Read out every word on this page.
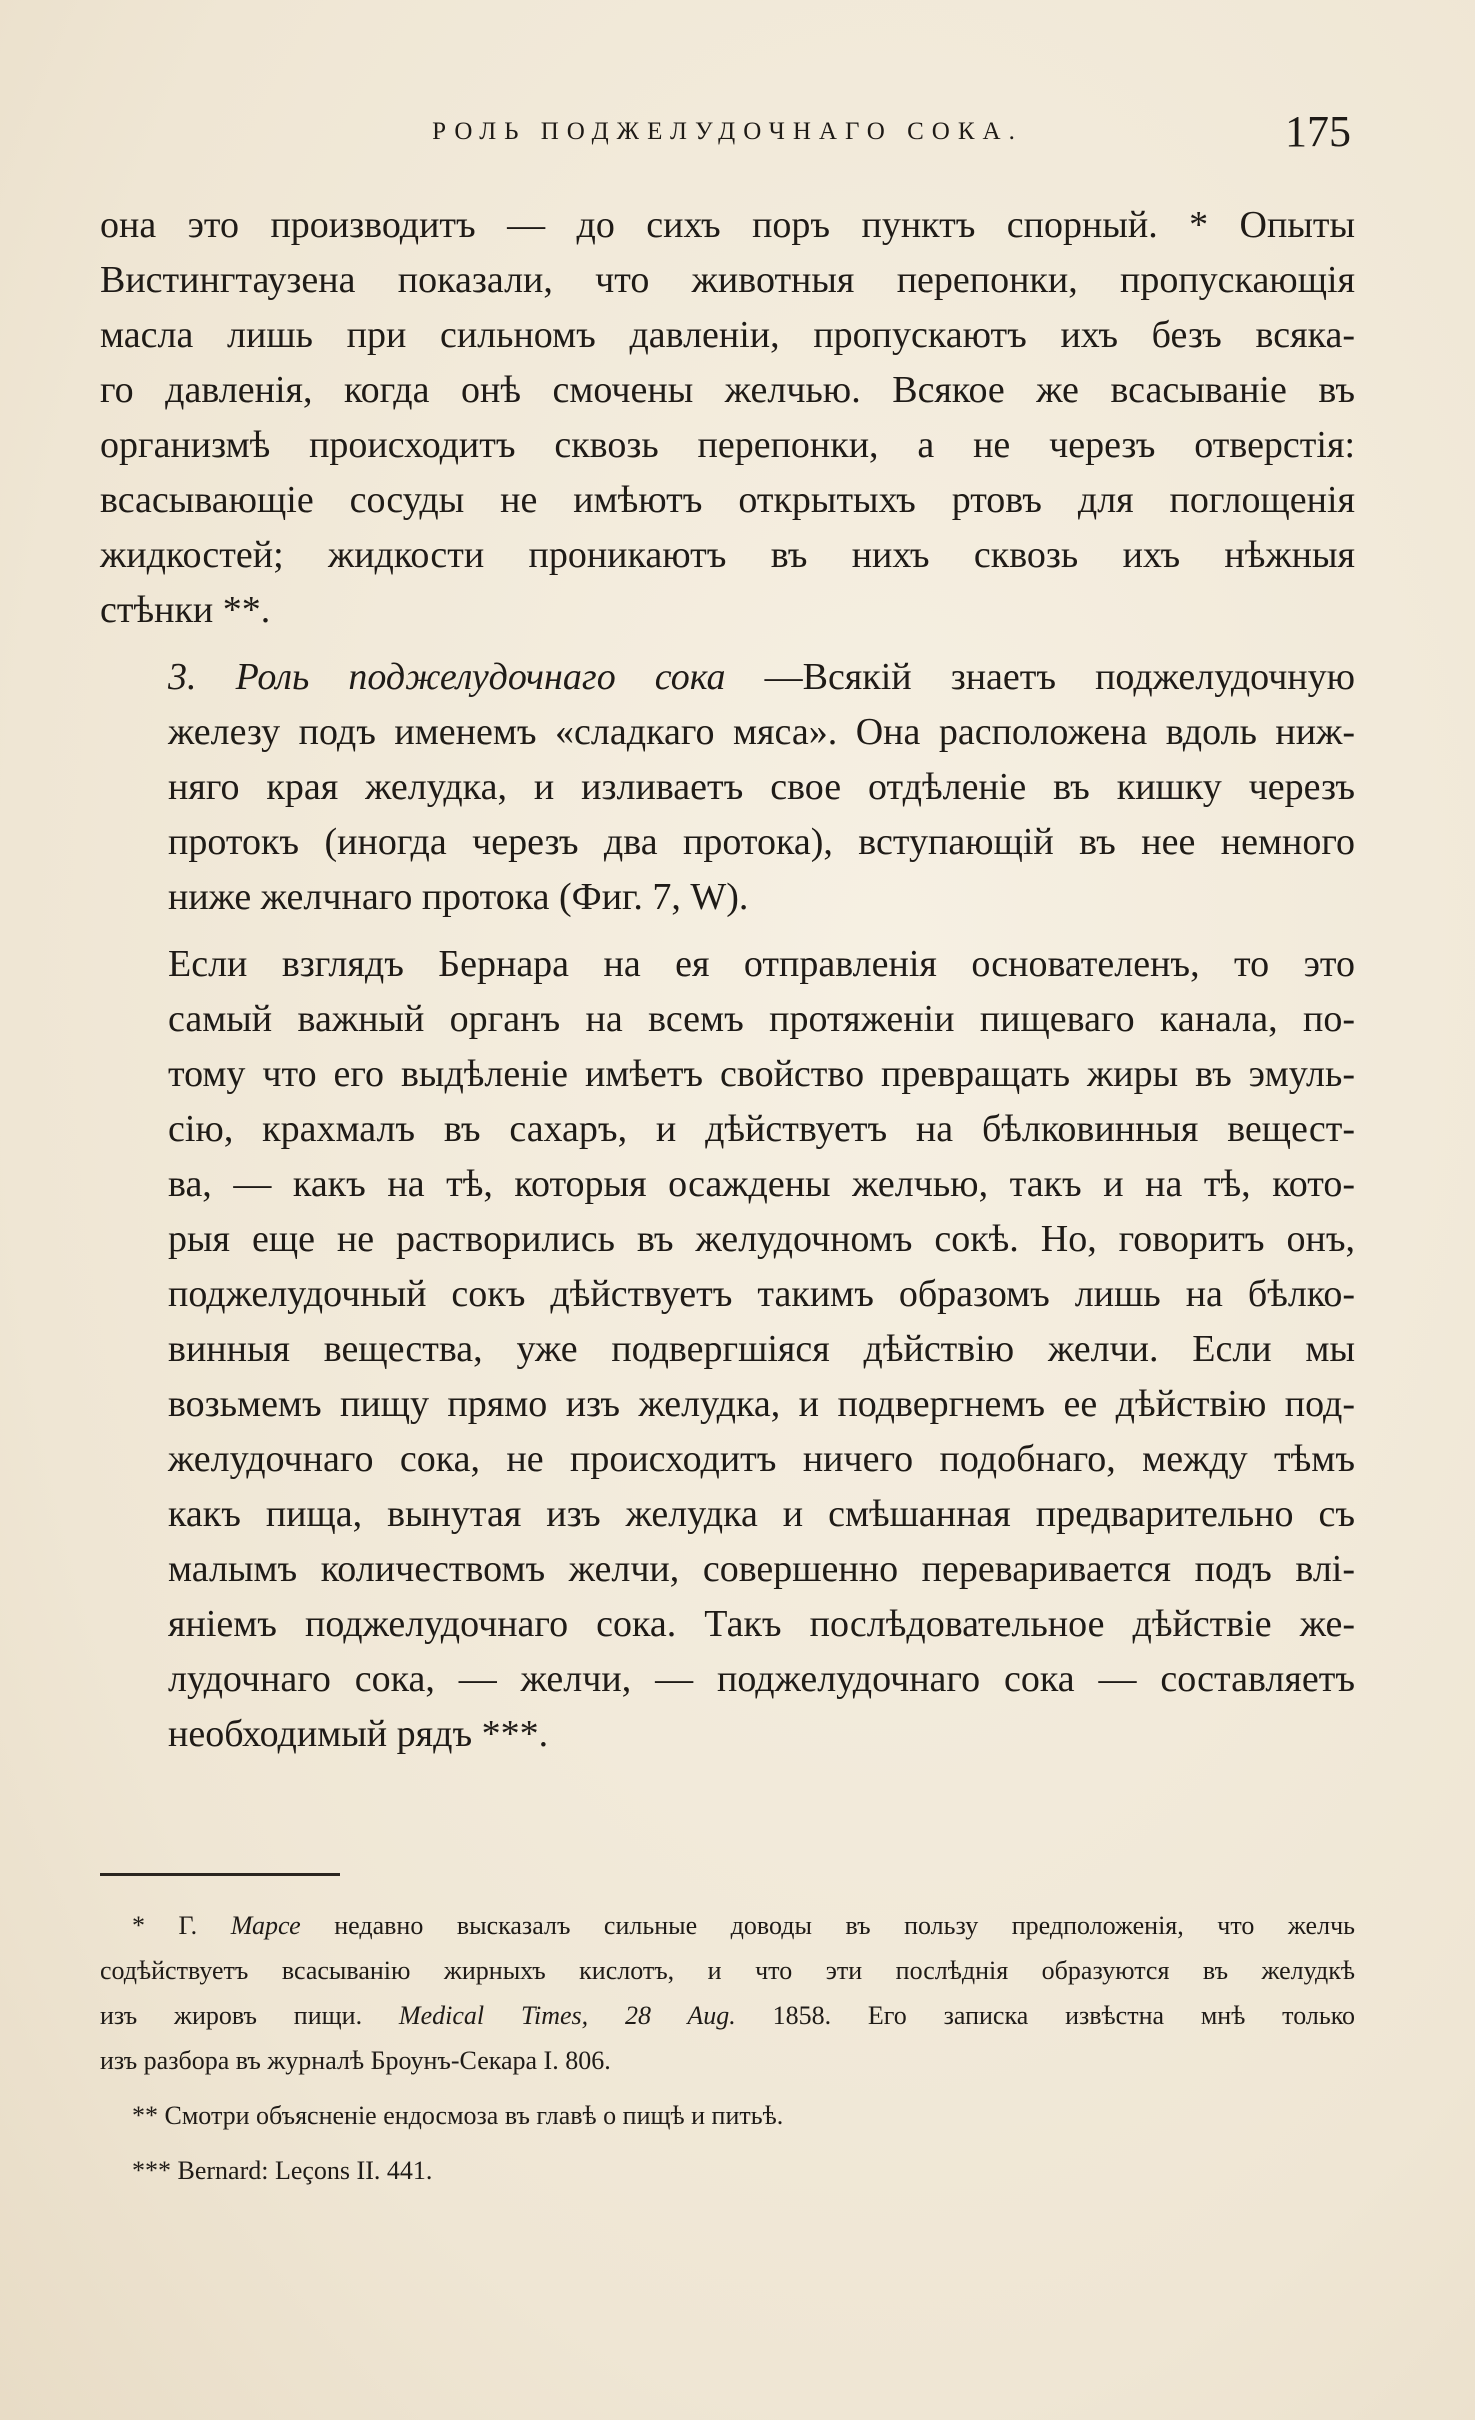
РОЛЬ ПОДЖЕЛУДОЧНАГО СОКА.	175

она это производитъ — до сихъ поръ пунктъ спорный. * Опыты
Вистингтаузена показали, что животныя перепонки, пропускающія
масла лишь при сильномъ давленіи, пропускаютъ ихъ безъ всяка-
го давленія, когда онѣ смочены желчью. Всякое же всасываніе въ
организмѣ происходитъ сквозь перепонки, а не черезъ отверстія:
всасывающіе сосуды не имѣютъ открытыхъ ртовъ для поглощенія
жидкостей; жидкости проникаютъ въ нихъ сквозь ихъ нѣжныя
стѣнки **.

3. Роль поджелудочнаго сока —Всякій знаетъ поджелудочную
железу подъ именемъ «сладкаго мяса». Она расположена вдоль ниж-
няго края желудка, и изливаетъ свое отдѣленіе въ кишку черезъ
протокъ (иногда черезъ два протока), вступающій въ нее немного
ниже желчнаго протока (Фиг. 7, W).

Если взглядъ Бернара на ея отправленія основателенъ, то это
самый важный органъ на всемъ протяженіи пищеваго канала, по-
тому что его выдѣленіе имѣетъ свойство превращать жиры въ эмуль-
сію, крахмалъ въ сахаръ, и дѣйствуетъ на бѣлковинныя вещест-
ва, — какъ на тѣ, которыя осаждены желчью, такъ и на тѣ, кото-
рыя еще не растворились въ желудочномъ сокѣ. Но, говоритъ онъ,
поджелудочный сокъ дѣйствуетъ такимъ образомъ лишь на бѣлко-
винныя вещества, уже подвергшіяся дѣйствію желчи. Если мы
возьмемъ пищу прямо изъ желудка, и подвергнемъ ее дѣйствію под-
желудочнаго сока, не происходитъ ничего подобнаго, между тѣмъ
какъ пища, вынутая изъ желудка и смѣшанная предварительно съ
малымъ количествомъ желчи, совершенно переваривается подъ влі-
яніемъ поджелудочнаго сока. Такъ послѣдовательное дѣйствіе же-
лудочнаго сока, — желчи, — поджелудочнаго сока — составляетъ
необходимый рядъ ***.

* Г. Марсе недавно высказалъ сильные доводы въ пользу предположенія, что желчь
содѣйствуетъ всасыванію жирныхъ кислотъ, и что эти послѣднія образуются въ желудкѣ
изъ жировъ пищи. Medical Times, 28 Aug. 1858. Его записка извѣстна мнѣ только
изъ разбора въ журналѣ Броунъ-Секара I. 806.

** Смотри объясненіе ендосмоза въ главѣ о пищѣ и питьѣ.

*** Bernard: Leçons II. 441.
